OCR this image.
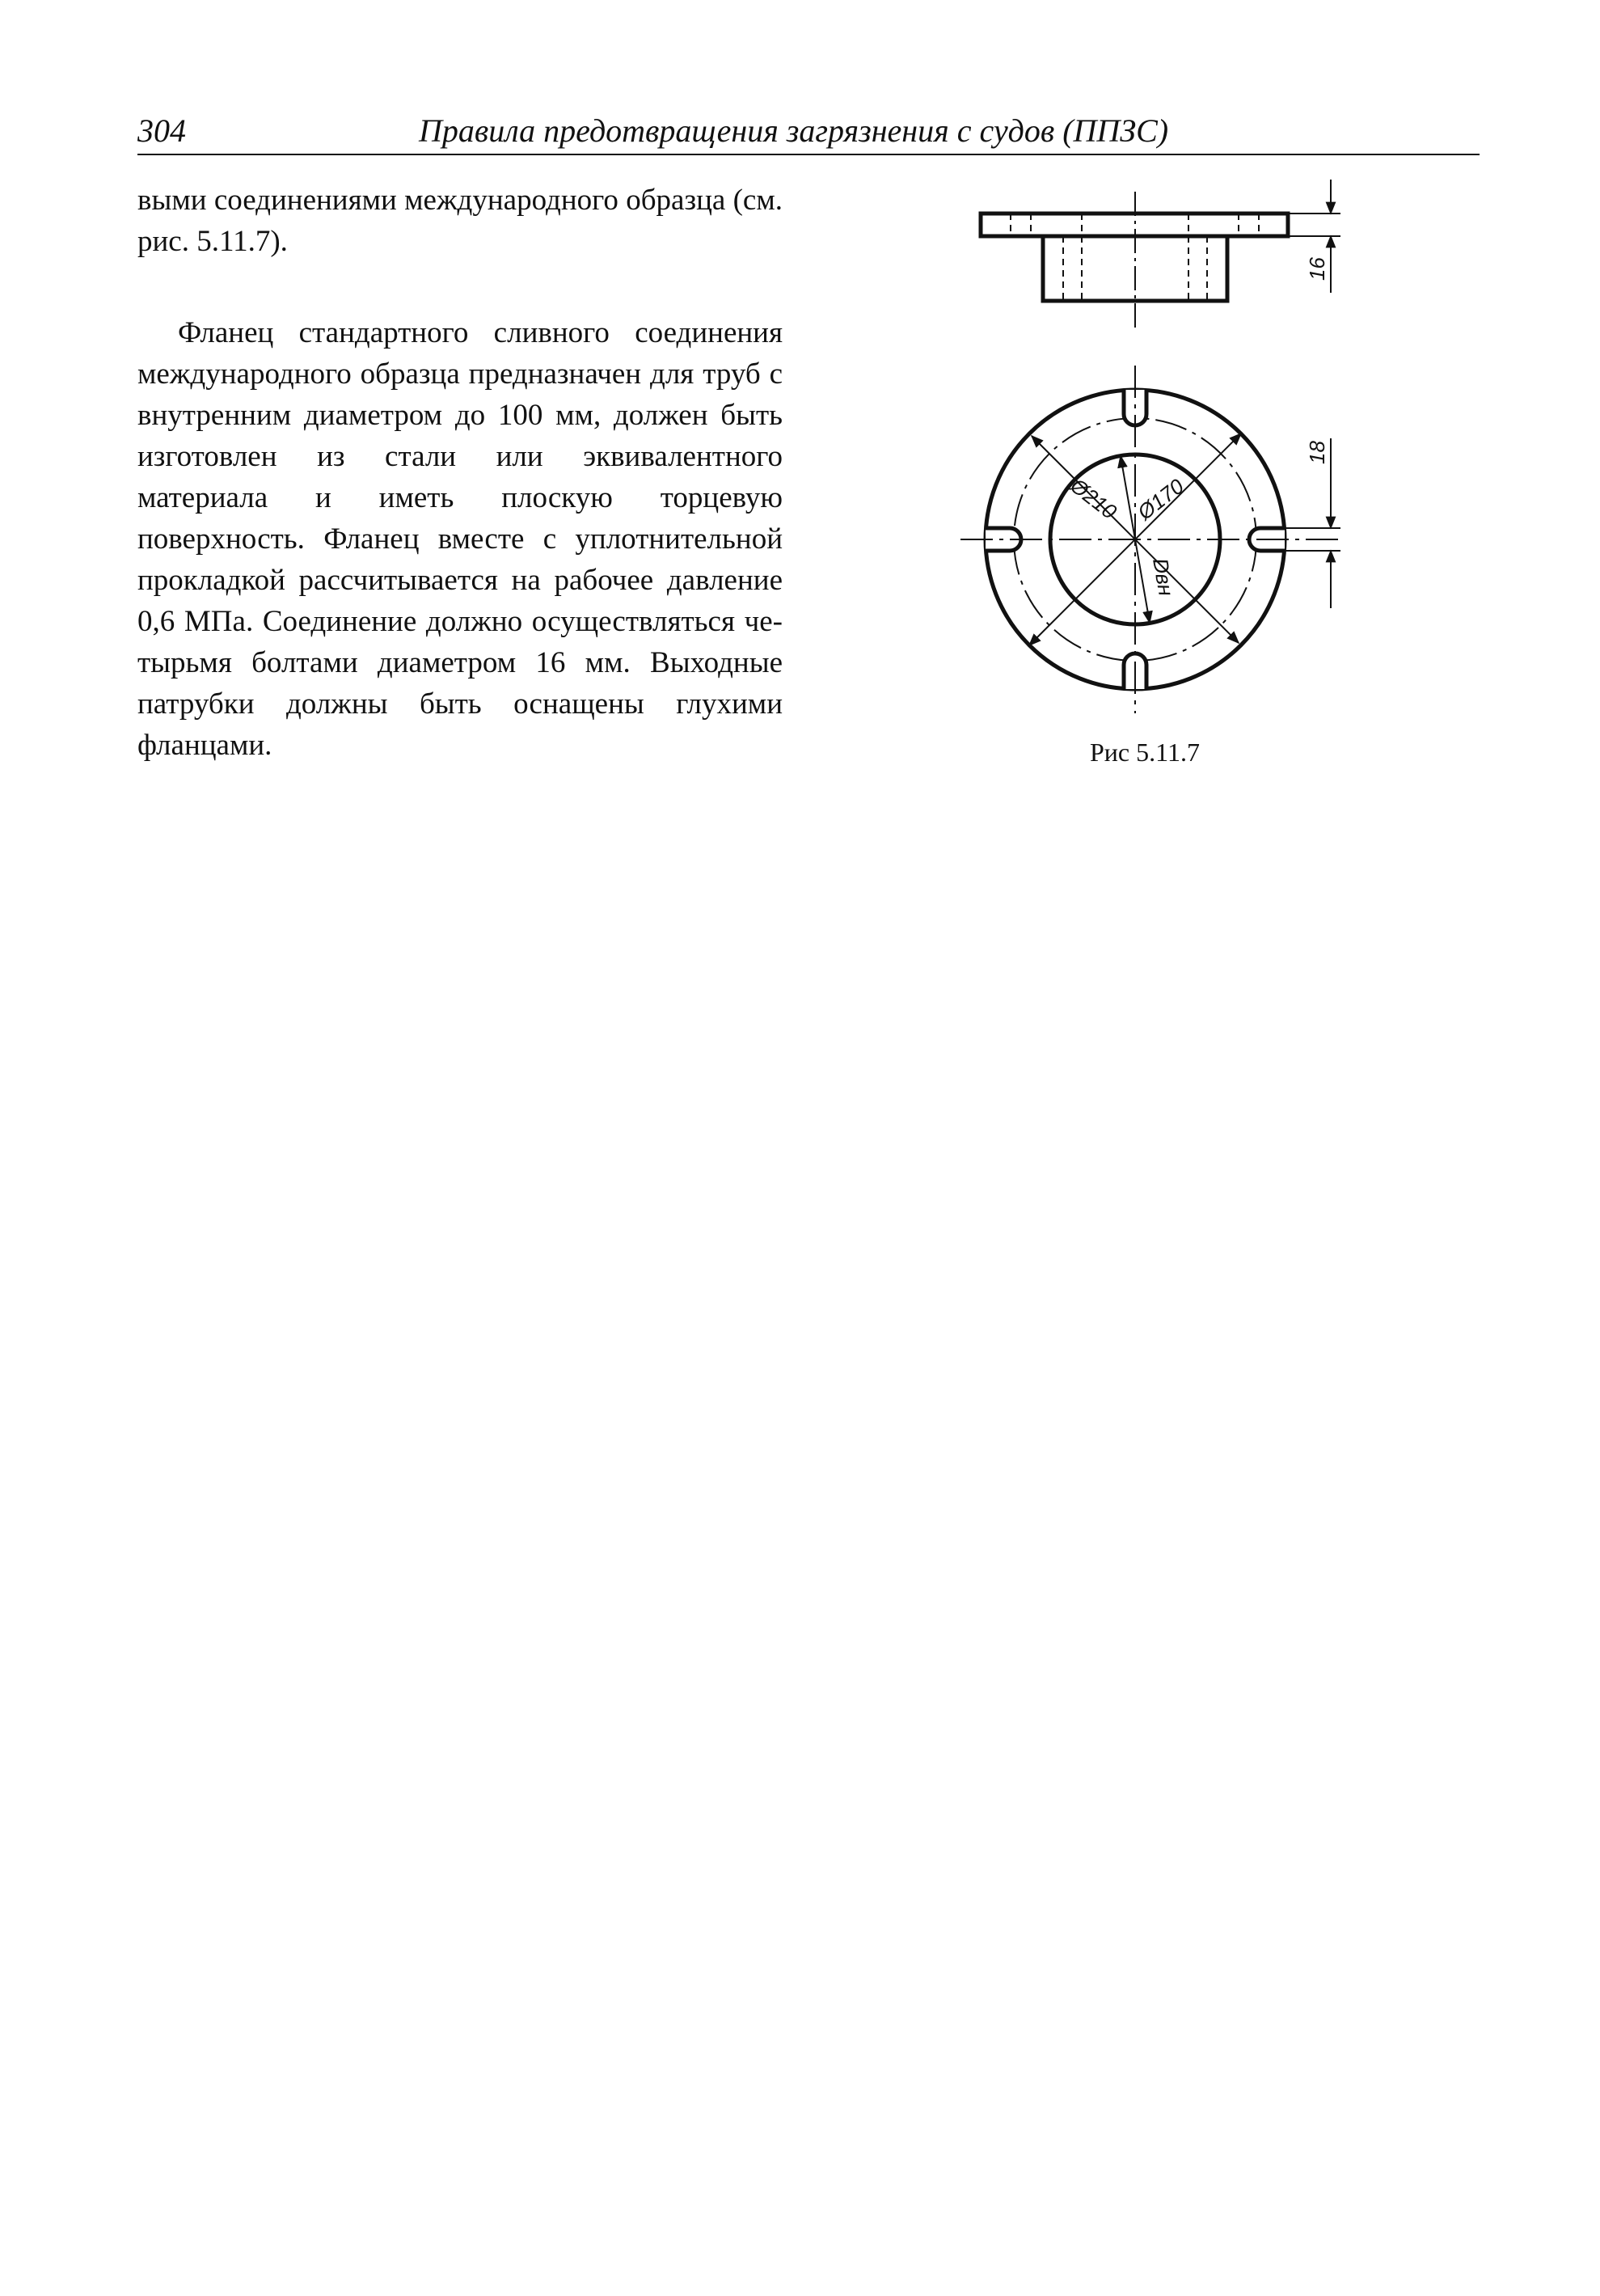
304	Правила предотвращения загрязнения с судов (ППЗС)

выми соединениями международного образца (см. рис. 5.11.7).

Фланец стандартного сливного соединения международного образца предназначен для труб с внутренним диаметром до 100 мм, должен быть изготовлен из стали или эквивалентного материала и иметь плоскую торцевую поверхность. Фланец вместе с уплотнительной прокладкой рассчитывается на рабочее давление 0,6 МПа. Соединение должно осуществляться четырьмя болтами диаметром 16 мм. Выходные патрубки должны быть оснащены глухими фланцами.

16
18
Ø210 Ø170
Dвн
Рис 5.11.7
